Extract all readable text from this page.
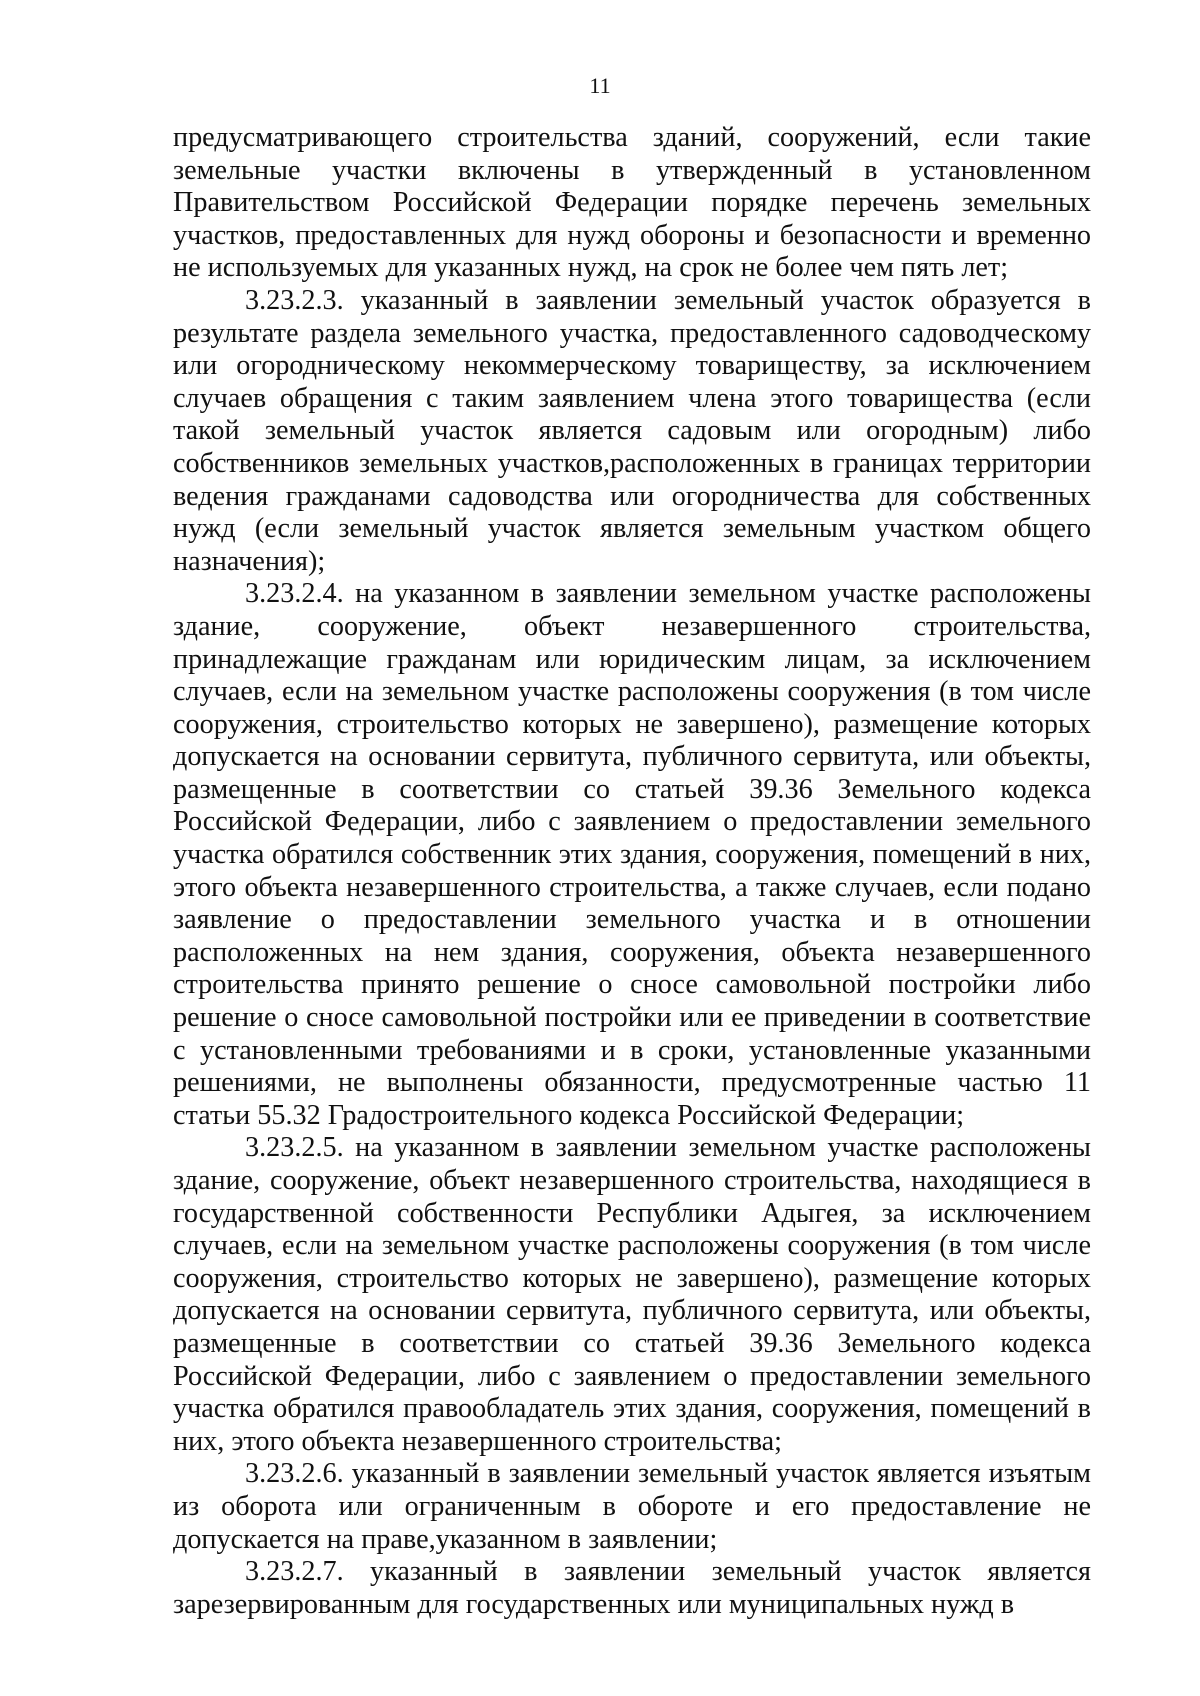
11

предусматривающего строительства зданий, сооружений, если такие земельные участки включены в утвержденный в установленном Правительством Российской Федерации порядке перечень земельных участков, предоставленных для нужд обороны и безопасности и временно не используемых для указанных нужд, на срок не более чем пять лет;

3.23.2.3. указанный в заявлении земельный участок образуется в результате раздела земельного участка, предоставленного садоводческому или огородническому некоммерческому товариществу, за исключением случаев обращения с таким заявлением члена этого товарищества (если такой земельный участок является садовым или огородным) либо собственников земельных участков,расположенных в границах территории ведения гражданами садоводства или огородничества для собственных нужд (если земельный участок является земельным участком общего назначения);

3.23.2.4. на указанном в заявлении земельном участке расположены здание, сооружение, объект незавершенного строительства, принадлежащие гражданам или юридическим лицам, за исключением случаев, если на земельном участке расположены сооружения (в том числе сооружения, строительство которых не завершено), размещение которых допускается на основании сервитута, публичного сервитута, или объекты, размещенные в соответствии со статьей 39.36 Земельного кодекса Российской Федерации, либо с заявлением о предоставлении земельного участка обратился собственник этих здания, сооружения, помещений в них, этого объекта незавершенного строительства, а также случаев, если подано заявление о предоставлении земельного участка и в отношении расположенных на нем здания, сооружения, объекта незавершенного строительства принято решение о сносе самовольной постройки либо решение о сносе самовольной постройки или ее приведении в соответствие с установленными требованиями и в сроки, установленные указанными решениями, не выполнены обязанности, предусмотренные частью 11 статьи 55.32 Градостроительного кодекса Российской Федерации;

3.23.2.5. на указанном в заявлении земельном участке расположены здание, сооружение, объект незавершенного строительства, находящиеся в государственной собственности Республики Адыгея, за исключением случаев, если на земельном участке расположены сооружения (в том числе сооружения, строительство которых не завершено), размещение которых допускается на основании сервитута, публичного сервитута, или объекты, размещенные в соответствии со статьей 39.36 Земельного кодекса Российской Федерации, либо с заявлением о предоставлении земельного участка обратился правообладатель этих здания, сооружения, помещений в них, этого объекта незавершенного строительства;

3.23.2.6. указанный в заявлении земельный участок является изъятым из оборота или ограниченным в обороте и его предоставление не допускается на праве,указанном в заявлении;

3.23.2.7. указанный в заявлении земельный участок является зарезервированным для государственных или муниципальных нужд в
